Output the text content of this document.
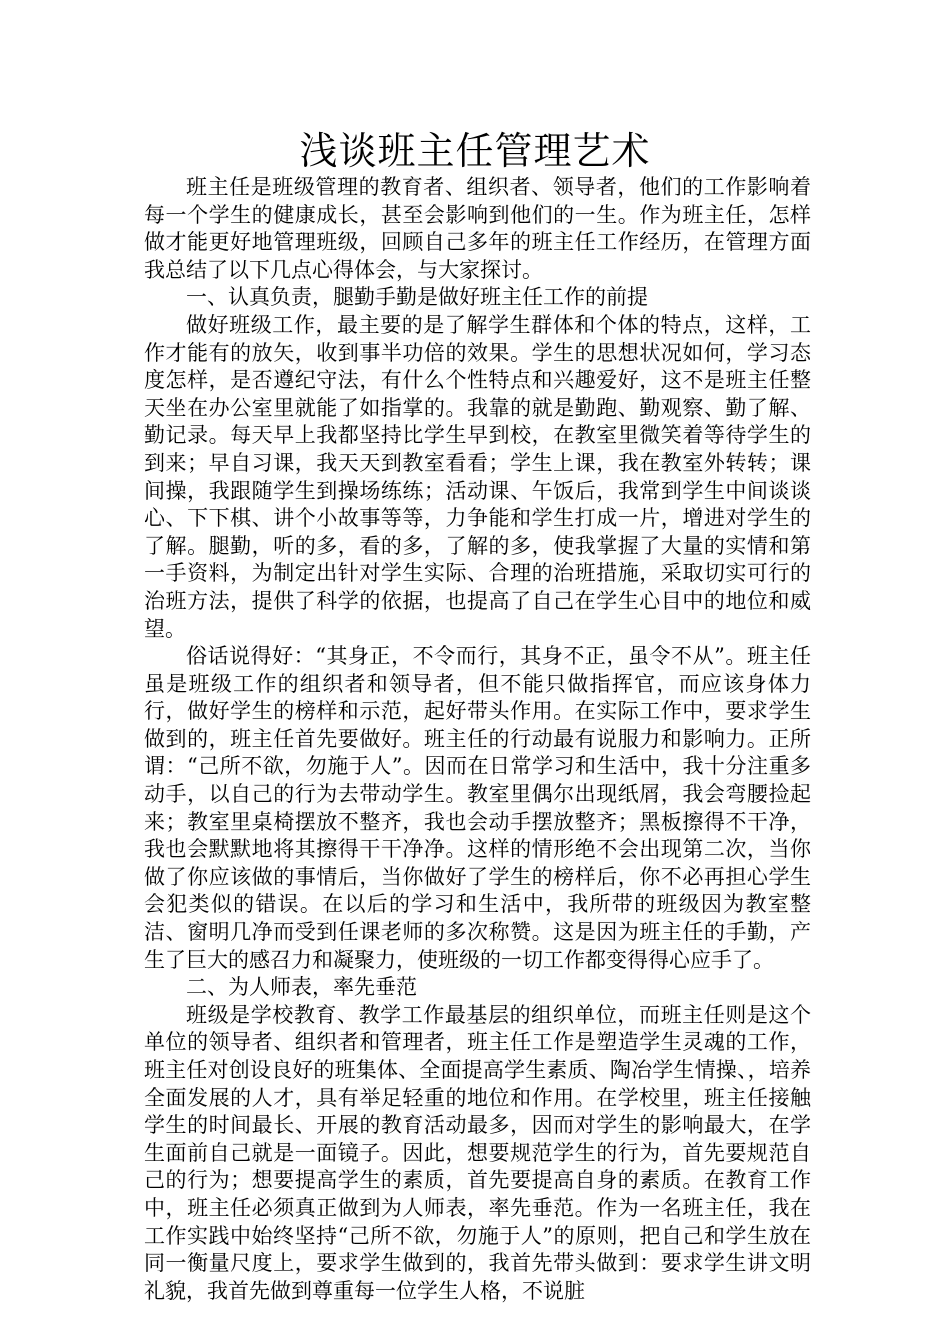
浅谈班主任管理艺术

班主任是班级管理的教育者、组织者、领导者，他们的工作影响着每一个学生的健康成长，甚至会影响到他们的一生。作为班主任，怎样做才能更好地管理班级，回顾自己多年的班主任工作经历，在管理方面我总结了以下几点心得体会，与大家探讨。

一、认真负责，腿勤手勤是做好班主任工作的前提

做好班级工作，最主要的是了解学生群体和个体的特点，这样，工作才能有的放矢，收到事半功倍的效果。学生的思想状况如何，学习态度怎样，是否遵纪守法，有什么个性特点和兴趣爱好，这不是班主任整天坐在办公室里就能了如指掌的。我靠的就是勤跑、勤观察、勤了解、勤记录。每天早上我都坚持比学生早到校，在教室里微笑着等待学生的到来；早自习课，我天天到教室看看；学生上课，我在教室外转转；课间操，我跟随学生到操场练练；活动课、午饭后，我常到学生中间谈谈心、下下棋、讲个小故事等等，力争能和学生打成一片，增进对学生的了解。腿勤，听的多，看的多，了解的多，使我掌握了大量的实情和第一手资料，为制定出针对学生实际、合理的治班措施，采取切实可行的治班方法，提供了科学的依据，也提高了自己在学生心目中的地位和威望。

俗话说得好：“其身正，不令而行，其身不正，虽令不从”。班主任虽是班级工作的组织者和领导者，但不能只做指挥官，而应该身体力行，做好学生的榜样和示范，起好带头作用。在实际工作中，要求学生做到的，班主任首先要做好。班主任的行动最有说服力和影响力。正所谓：“己所不欲，勿施于人”。因而在日常学习和生活中，我十分注重多动手，以自己的行为去带动学生。教室里偶尔出现纸屑，我会弯腰捡起来；教室里桌椅摆放不整齐，我也会动手摆放整齐；黑板擦得不干净，我也会默默地将其擦得干干净净。这样的情形绝不会出现第二次，当你做了你应该做的事情后，当你做好了学生的榜样后，你不必再担心学生会犯类似的错误。在以后的学习和生活中，我所带的班级因为教室整洁、窗明几净而受到任课老师的多次称赞。这是因为班主任的手勤，产生了巨大的感召力和凝聚力，使班级的一切工作都变得得心应手了。

二、为人师表，率先垂范

班级是学校教育、教学工作最基层的组织单位，而班主任则是这个单位的领导者、组织者和管理者，班主任工作是塑造学生灵魂的工作，班主任对创设良好的班集体、全面提高学生素质、陶冶学生情操、，培养全面发展的人才，具有举足轻重的地位和作用。在学校里，班主任接触学生的时间最长、开展的教育活动最多，因而对学生的影响最大，在学生面前自己就是一面镜子。因此，想要规范学生的行为，首先要规范自己的行为；想要提高学生的素质，首先要提高自身的素质。在教育工作中，班主任必须真正做到为人师表，率先垂范。作为一名班主任，我在工作实践中始终坚持“己所不欲，勿施于人”的原则，把自己和学生放在同一衡量尺度上，要求学生做到的，我首先带头做到：要求学生讲文明礼貌，我首先做到尊重每一位学生人格，不说脏
